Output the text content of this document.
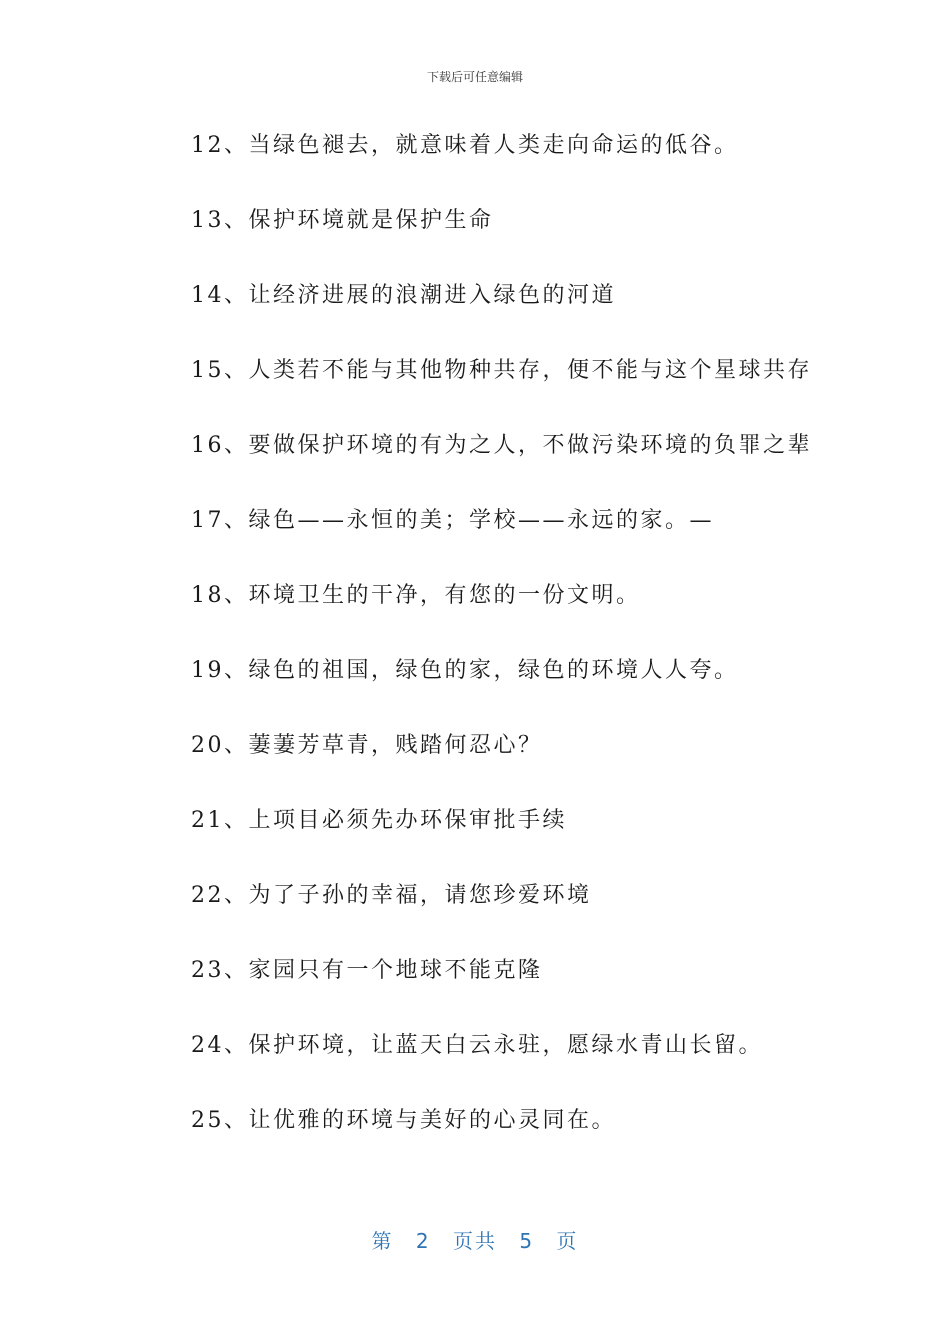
下载后可任意编辑
12、当绿色褪去，就意味着人类走向命运的低谷。
13、保护环境就是保护生命
14、让经济进展的浪潮进入绿色的河道
15、人类若不能与其他物种共存，便不能与这个星球共存
16、要做保护环境的有为之人，不做污染环境的负罪之辈
17、绿色——永恒的美；学校——永远的家。—
18、环境卫生的干净，有您的一份文明。
19、绿色的祖国，绿色的家，绿色的环境人人夸。
20、萋萋芳草青，贱踏何忍心？
21、上项目必须先办环保审批手续
22、为了子孙的幸福，请您珍爱环境
23、家园只有一个地球不能克隆
24、保护环境，让蓝天白云永驻，愿绿水青山长留。
25、让优雅的环境与美好的心灵同在。
第 2 页共 5 页
